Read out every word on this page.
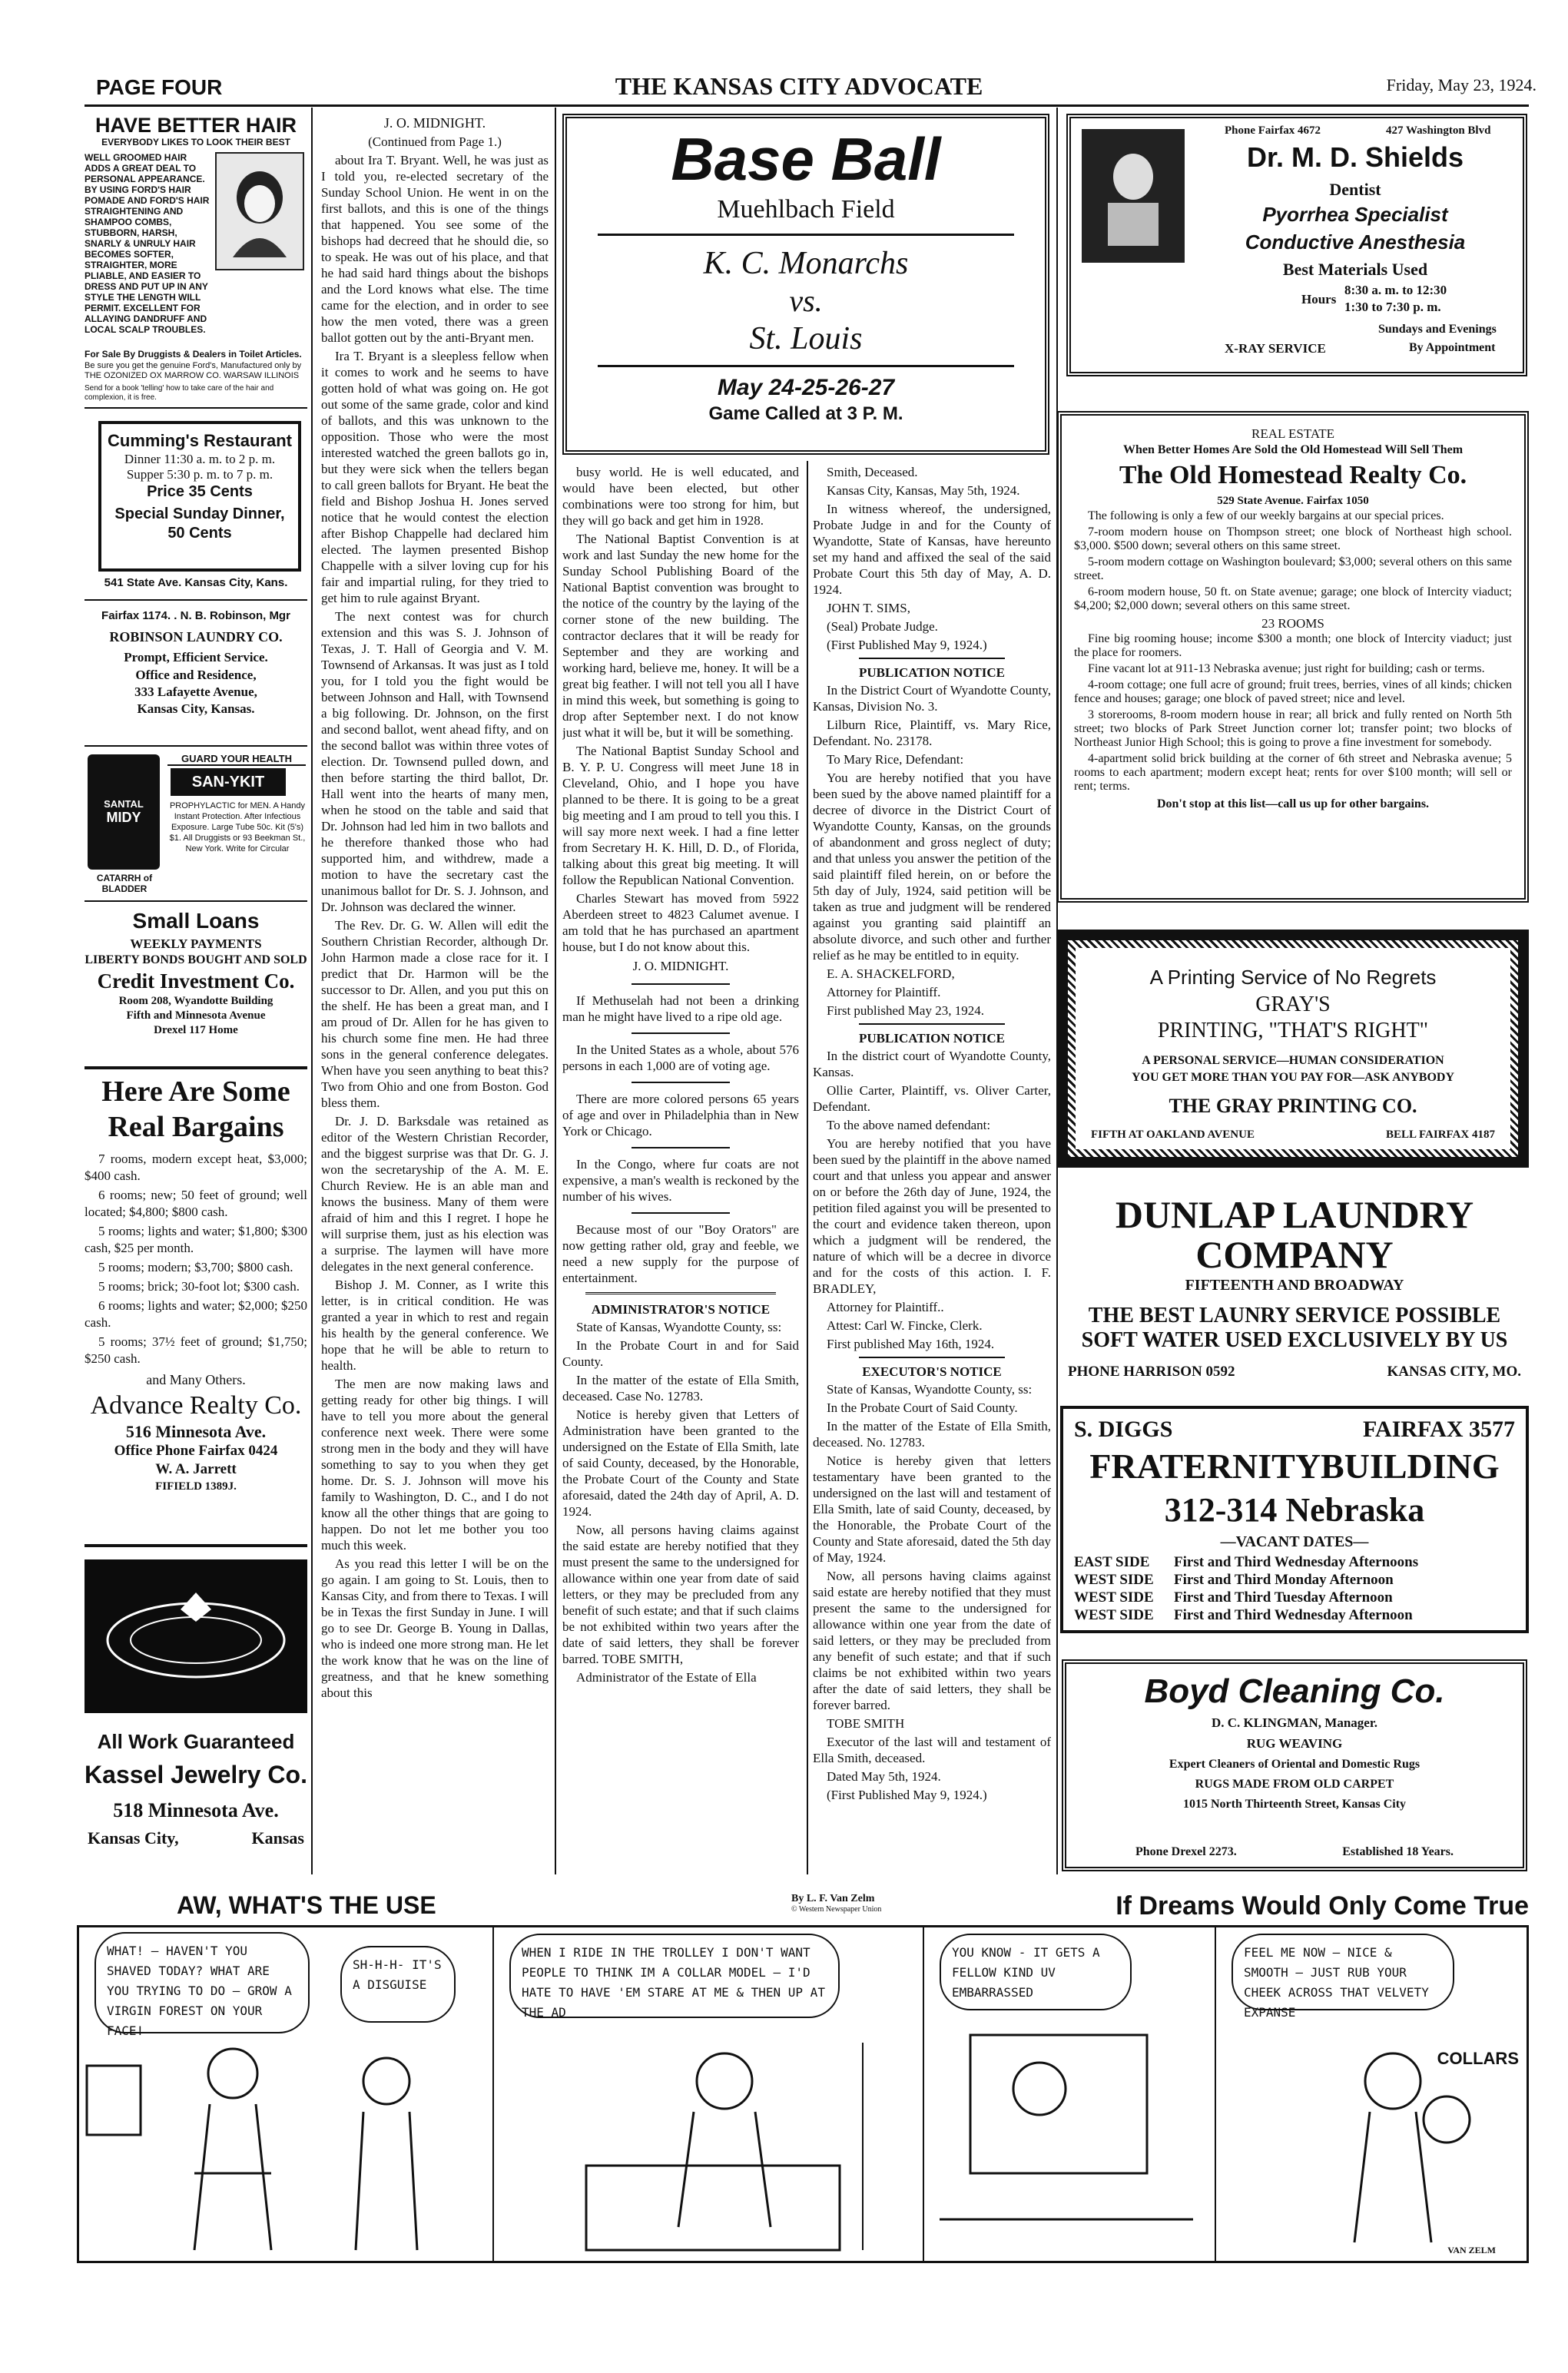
PAGE FOUR	THE KANSAS CITY ADVOCATE	Friday, May 23, 1924.
HAVE BETTER HAIR
EVERYBODY LIKES TO LOOK THEIR BEST
WELL GROOMED HAIR ADDS A GREAT DEAL TO PERSONAL APPEARANCE. BY USING FORD'S HAIR POMADE AND FORD'S HAIR STRAIGHTENING AND SHAMPOO COMBS, STUBBORN, HARSH, SNARLY & UNRULY HAIR BECOMES SOFTER, STRAIGHTER, MORE PLIABLE, AND EASIER TO DRESS AND PUT UP IN ANY STYLE THE LENGTH WILL PERMIT. EXCELLENT FOR ALLAYING DANDRUFF AND LOCAL SCALP TROUBLES.
For Sale By Druggists & Dealers in Toilet Articles.
Be sure you get the genuine Ford's, Manufactured only by THE OZONIZED OX MARROW CO. WARSAW ILLINOIS
Send for a book 'telling' how to take care of the hair and complexion, it is free.
Cumming's Restaurant
Dinner 11:30 a. m. to 2 p. m.
Supper 5:30 p. m. to 7 p. m.
Price 35 Cents
Special Sunday Dinner,
50 Cents
541 State Ave. Kansas City, Kans.
Fairfax 1174. . N. B. Robinson, Mgr
ROBINSON LAUNDRY CO.
Prompt, Efficient Service.
Office and Residence,
333 Lafayette Avenue,
Kansas City, Kansas.
SANTAL
MIDY
CATARRH of BLADDER
GUARD YOUR HEALTH
SAN-YKIT
PROPHYLACTIC for MEN. A Handy Instant Protection. After Infectious Exposure. Large Tube 50c. Kit (5's) $1. All Druggists or 93 Beekman St., New York. Write for Circular
Small Loans
WEEKLY PAYMENTS
LIBERTY BONDS BOUGHT AND SOLD
Credit Investment Co.
Room 208, Wyandotte Building
Fifth and Minnesota Avenue
Drexel 117 Home
Here Are Some
Real Bargains

7 rooms, modern except heat, $3,000; $400 cash.

6 rooms; new; 50 feet of ground; well located; $4,800; $800 cash.

5 rooms; lights and water; $1,800; $300 cash, $25 per month.

5 rooms; modern; $3,700; $800 cash.

5 rooms; brick; 30-foot lot; $300 cash.

6 rooms; lights and water; $2,000; $250 cash.

5 rooms; 37½ feet of ground; $1,750; $250 cash.

and Many Others.
Advance Realty Co.
516 Minnesota Ave.
Office Phone Fairfax 0424
W. A. Jarrett
FIFIELD 1389J.
All Work Guaranteed
Kassel Jewelry Co.
518 Minnesota Ave.
Kansas City,	Kansas
J. O. MIDNIGHT.
(Continued from Page 1.)

about Ira T. Bryant. Well, he was just as I told you, re-elected secretary of the Sunday School Union. He went in on the first ballots, and this is one of the things that happened. You see some of the bishops had decreed that he should die, so to speak. He was out of his place, and that he had said hard things about the bishops and the Lord knows what else. The time came for the election, and in order to see how the men voted, there was a green ballot gotten out by the anti-Bryant men.

Ira T. Bryant is a sleepless fellow when it comes to work and he seems to have gotten hold of what was going on. He got out some of the same grade, color and kind of ballots, and this was unknown to the opposition. Those who were the most interested watched the green ballots go in, but they were sick when the tellers began to call green ballots for Bryant. He beat the field and Bishop Joshua H. Jones served notice that he would contest the election after Bishop Chappelle had declared him elected. The laymen presented Bishop Chappelle with a silver loving cup for his fair and impartial ruling, for they tried to get him to rule against Bryant.

The next contest was for church extension and this was S. J. Johnson of Texas, J. T. Hall of Georgia and V. M. Townsend of Arkansas. It was just as I told you, for I told you the fight would be between Johnson and Hall, with Townsend a big following. Dr. Johnson, on the first and second ballot, went ahead fifty, and on the second ballot was within three votes of election. Dr. Townsend pulled down, and then before starting the third ballot, Dr. Hall went into the hearts of many men, when he stood on the table and said that Dr. Johnson had led him in two ballots and he therefore thanked those who had supported him, and withdrew, made a motion to have the secretary cast the unanimous ballot for Dr. S. J. Johnson, and Dr. Johnson was declared the winner.

The Rev. Dr. G. W. Allen will edit the Southern Christian Recorder, although Dr. John Harmon made a close race for it. I predict that Dr. Harmon will be the successor to Dr. Allen, and you put this on the shelf. He has been a great man, and I am proud of Dr. Allen for he has given to his church some fine men. He had three sons in the general conference delegates. When have you seen anything to beat this? Two from Ohio and one from Boston. God bless them.

Dr. J. D. Barksdale was retained as editor of the Western Christian Recorder, and the biggest surprise was that Dr. G. J. won the secretaryship of the A. M. E. Church Review. He is an able man and knows the business. Many of them were afraid of him and this I regret. I hope he will surprise them, just as his election was a surprise. The laymen will have more delegates in the next general conference.

Bishop J. M. Conner, as I write this letter, is in critical condition. He was granted a year in which to rest and regain his health by the general conference. We hope that he will be able to return to health.

The men are now making laws and getting ready for other big things. I will have to tell you more about the general conference next week. There were some strong men in the body and they will have something to say to you when they get home. Dr. S. J. Johnson will move his family to Washington, D. C., and I do not know all the other things that are going to happen. Do not let me bother you too much this week.

As you read this letter I will be on the go again. I am going to St. Louis, then to Kansas City, and from there to Texas. I will be in Texas the first Sunday in June. I will go to see Dr. George B. Young in Dallas, who is indeed one more strong man. He let the work know that he was on the line of greatness, and that he knew something about this

Base Ball
Muehlbach Field
K. C. Monarchs
vs.
St. Louis
May 24-25-26-27
Game Called at 3 P. M.

busy world. He is well educated, and would have been elected, but other combinations were too strong for him, but they will go back and get him in 1928.

The National Baptist Convention is at work and last Sunday the new home for the Sunday School Publishing Board of the National Baptist convention was brought to the notice of the country by the laying of the corner stone of the new building. The contractor declares that it will be ready for September and they are working and working hard, believe me, honey. It will be a great big feather. I will not tell you all I have in mind this week, but something is going to drop after September next. I do not know just what it will be, but it will be something.

The National Baptist Sunday School and B. Y. P. U. Congress will meet June 18 in Cleveland, Ohio, and I hope you have planned to be there. It is going to be a great big meeting and I am proud to tell you this. I will say more next week. I had a fine letter from Secretary H. K. Hill, D. D., of Florida, talking about this great big meeting. It will follow the Republican National Convention.

Charles Stewart has moved from 5922 Aberdeen street to 4823 Calumet avenue. I am told that he has purchased an apartment house, but I do not know about this.

J. O. MIDNIGHT.

If Methuselah had not been a drinking man he might have lived to a ripe old age.

In the United States as a whole, about 576 persons in each 1,000 are of voting age.

There are more colored persons 65 years of age and over in Philadelphia than in New York or Chicago.

In the Congo, where fur coats are not expensive, a man's wealth is reckoned by the number of his wives.

Because most of our "Boy Orators" are now getting rather old, gray and feeble, we need a new supply for the purpose of entertainment.

ADMINISTRATOR'S NOTICE

State of Kansas, Wyandotte County, ss:

In the Probate Court in and for Said County.

In the matter of the estate of Ella Smith, deceased. Case No. 12783.

Notice is hereby given that Letters of Administration have been granted to the undersigned on the Estate of Ella Smith, late of said County, deceased, by the Honorable, the Probate Court of the County and State aforesaid, dated the 24th day of April, A. D. 1924.

Now, all persons having claims against the said estate are hereby notified that they must present the same to the undersigned for allowance within one year from date of said letters, or they may be precluded from any benefit of such estate; and that if such claims be not exhibited within two years after the date of said letters, they shall be forever barred. TOBE SMITH,

Administrator of the Estate of Ella

Smith, Deceased.

Kansas City, Kansas, May 5th, 1924.

In witness whereof, the undersigned, Probate Judge in and for the County of Wyandotte, State of Kansas, have hereunto set my hand and affixed the seal of the said Probate Court this 5th day of May, A. D. 1924.

JOHN T. SIMS,

(Seal) Probate Judge.

(First Published May 9, 1924.)

PUBLICATION NOTICE

In the District Court of Wyandotte County, Kansas, Division No. 3.

Lilburn Rice, Plaintiff, vs. Mary Rice, Defendant. No. 23178.

To Mary Rice, Defendant:

You are hereby notified that you have been sued by the above named plaintiff for a decree of divorce in the District Court of Wyandotte County, Kansas, on the grounds of abandonment and gross neglect of duty; and that unless you answer the petition of the said plaintiff filed herein, on or before the 5th day of July, 1924, said petition will be taken as true and judgment will be rendered against you granting said plaintiff an absolute divorce, and such other and further relief as he may be entitled to in equity.

E. A. SHACKELFORD,

Attorney for Plaintiff.

First published May 23, 1924.

PUBLICATION NOTICE

In the district court of Wyandotte County, Kansas.

Ollie Carter, Plaintiff, vs. Oliver Carter, Defendant.

To the above named defendant:

You are hereby notified that you have been sued by the plaintiff in the above named court and that unless you appear and answer on or before the 26th day of June, 1924, the petition filed against you will be presented to the court and evidence taken thereon, upon which a judgment will be rendered, the nature of which will be a decree in divorce and for the costs of this action. I. F. BRADLEY,

Attorney for Plaintiff..

Attest: Carl W. Fincke, Clerk.

First published May 16th, 1924.

EXECUTOR'S NOTICE

State of Kansas, Wyandotte County, ss:

In the Probate Court of Said County.

In the matter of the Estate of Ella Smith, deceased. No. 12783.

Notice is hereby given that letters testamentary have been granted to the undersigned on the last will and testament of Ella Smith, late of said County, deceased, by the Honorable, the Probate Court of the County and State aforesaid, dated the 5th day of May, 1924.

Now, all persons having claims against said estate are hereby notified that they must present the same to the undersigned for allowance within one year from the date of said letters, or they may be precluded from any benefit of such estate; and that if such claims be not exhibited within two years after the date of said letters, they shall be forever barred.

TOBE SMITH

Executor of the last will and testament of Ella Smith, deceased.

Dated May 5th, 1924.

(First Published May 9, 1924.)

Phone Fairfax 4672	427 Washington Blvd
Dr. M. D. Shields
Dentist
Pyorrhea Specialist
Conductive Anesthesia
Best Materials Used
Hours
8:30 a. m. to 12:30
1:30 to 7:30 p. m.
Sundays and Evenings
X-RAY SERVICE	By Appointment
REAL ESTATE
When Better Homes Are Sold the Old Homestead Will Sell Them
The Old Homestead Realty Co.
529 State Avenue. Fairfax 1050

The following is only a few of our weekly bargains at our special prices.

7-room modern house on Thompson street; one block of Northeast high school. $3,000. $500 down; several others on this same street.

5-room modern cottage on Washington boulevard; $3,000; several others on this same street.

6-room modern house, 50 ft. on State avenue; garage; one block of Intercity viaduct; $4,200; $2,000 down; several others on this same street.

23 ROOMS

Fine big rooming house; income $300 a month; one block of Intercity viaduct; just the place for roomers.

Fine vacant lot at 911-13 Nebraska avenue; just right for building; cash or terms.

4-room cottage; one full acre of ground; fruit trees, berries, vines of all kinds; chicken fence and houses; garage; one block of paved street; nice and level.

3 storerooms, 8-room modern house in rear; all brick and fully rented on North 5th street; two blocks of Park Street Junction corner lot; transfer point; two blocks of Northeast Junior High School; this is going to prove a fine investment for somebody.

4-apartment solid brick building at the corner of 6th street and Nebraska avenue; 5 rooms to each apartment; modern except heat; rents for over $100 month; will sell or rent; terms.

Don't stop at this list—call us up for other bargains.
A Printing Service of No Regrets
GRAY'S
PRINTING, "THAT'S RIGHT"
A PERSONAL SERVICE—HUMAN CONSIDERATION
YOU GET MORE THAN YOU PAY FOR—ASK ANYBODY
THE GRAY PRINTING CO.
FIFTH AT OAKLAND AVENUE	BELL FAIRFAX 4187
DUNLAP LAUNDRY
COMPANY
FIFTEENTH AND BROADWAY
THE BEST LAUNRY SERVICE POSSIBLE
SOFT WATER USED EXCLUSIVELY BY US
PHONE HARRISON 0592	KANSAS CITY, MO.
S. DIGGS	FAIRFAX 3577
FRATERNITYBUILDING
312-314 Nebraska
—VACANT DATES—
EAST SIDE	First and Third Wednesday Afternoons
WEST SIDE	First and Third Monday Afternoon
WEST SIDE	First and Third Tuesday Afternoon
WEST SIDE	First and Third Wednesday Afternoon
Boyd Cleaning Co.
D. C. KLINGMAN, Manager.
RUG WEAVING
Expert Cleaners of Oriental and Domestic Rugs
RUGS MADE FROM OLD CARPET
1015 North Thirteenth Street, Kansas City
Phone Drexel 2273.	Established 18 Years.
AW, WHAT'S THE USE	By L. F. Van Zelm
© Western Newspaper Union	If Dreams Would Only Come True
WHAT! — HAVEN'T YOU SHAVED TODAY? WHAT ARE YOU TRYING TO DO — GROW A VIRGIN FOREST ON YOUR FACE!
SH-H-H- IT'S A DISGUISE
WHEN I RIDE IN THE TROLLEY I DON'T WANT PEOPLE TO THINK IM A COLLAR MODEL — I'D HATE TO HAVE 'EM STARE AT ME & THEN UP AT THE AD
YOU KNOW - IT GETS A FELLOW KIND UV EMBARRASSED
FEEL ME NOW — NICE & SMOOTH — JUST RUB YOUR CHEEK ACROSS THAT VELVETY EXPANSE
COLLARS
VAN ZELM
